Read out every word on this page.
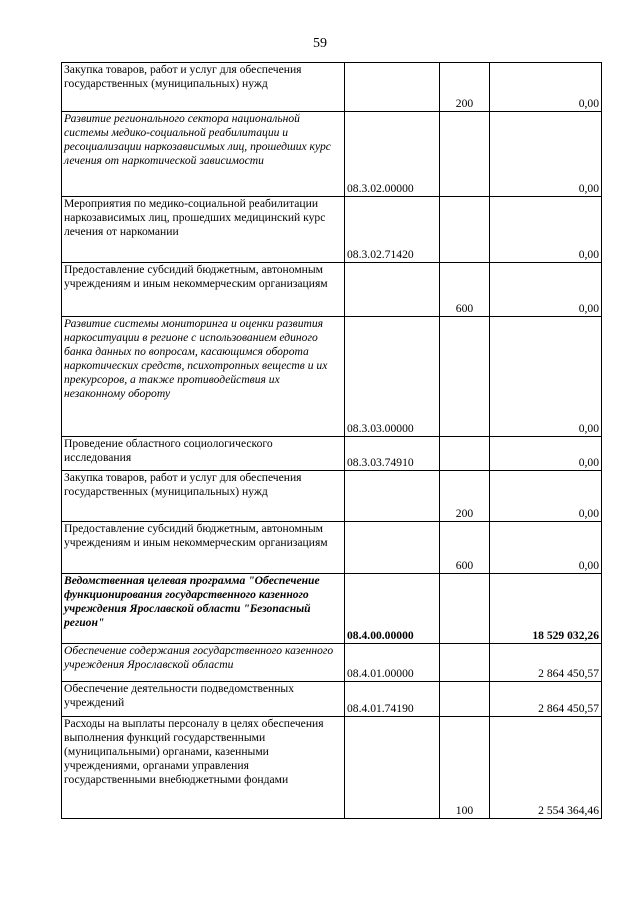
59
Закупка товаров, работ и услуг для обеспечения государственных (муниципальных) нужд		200	0,00
Развитие регионального сектора национальной системы медико-социальной реабилитации и ресоциализации наркозависимых лиц, прошедших курс лечения от наркотической зависимости	08.3.02.00000		0,00
Мероприятия по медико-социальной реабилитации наркозависимых лиц, прошедших медицинский курс лечения от наркомании	08.3.02.71420		0,00
Предоставление субсидий бюджетным, автономным учреждениям и иным некоммерческим организациям		600	0,00
Развитие системы мониторинга и оценки развития наркоситуации в регионе с использованием единого банка данных по вопросам, касающимся оборота наркотических средств, психотропных веществ и их прекурсоров, а также противодействия их незаконному обороту	08.3.03.00000		0,00
Проведение областного социологического исследования	08.3.03.74910		0,00
Закупка товаров, работ и услуг для обеспечения государственных (муниципальных) нужд		200	0,00
Предоставление субсидий бюджетным, автономным учреждениям и иным некоммерческим организациям		600	0,00
Ведомственная целевая программа "Обеспечение функционирования государственного казенного учреждения Ярославской области "Безопасный регион"	08.4.00.00000		18 529 032,26
Обеспечение содержания государственного казенного учреждения Ярославской области	08.4.01.00000		2 864 450,57
Обеспечение деятельности подведомственных учреждений	08.4.01.74190		2 864 450,57
Расходы на выплаты персоналу в целях обеспечения выполнения функций государственными (муниципальными) органами, казенными учреждениями, органами управления государственными внебюджетными фондами		100	2 554 364,46
